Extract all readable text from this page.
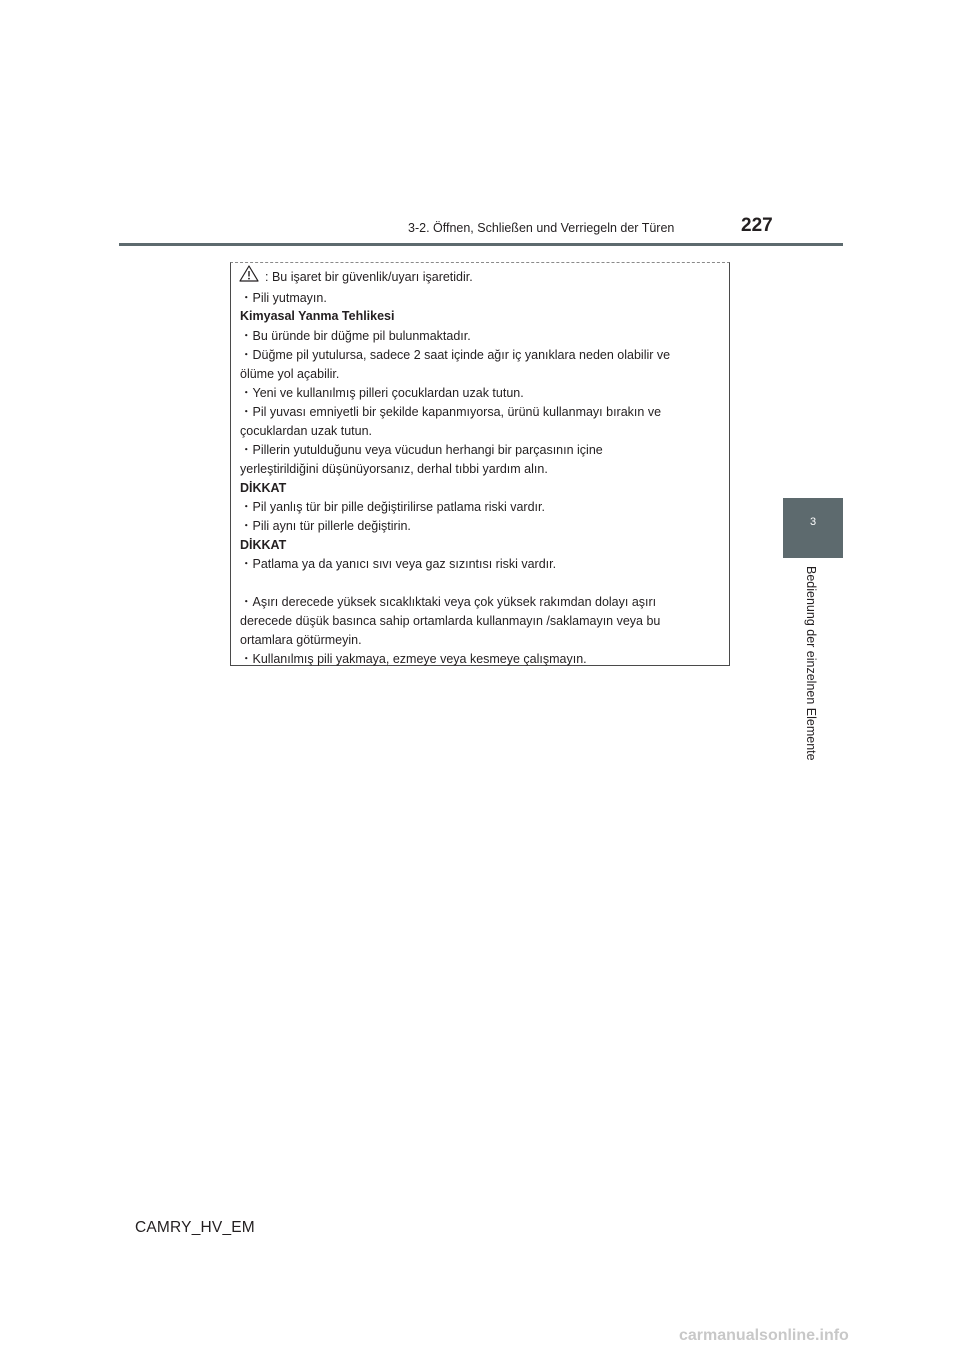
3-2. Öffnen, Schließen und Verriegeln der Türen	227
3
Bedienung der einzelnen Elemente
: Bu işaret bir güvenlik/uyarı işaretidir.
・Pili yutmayın.
Kimyasal Yanma Tehlikesi
・Bu üründe bir düğme pil bulunmaktadır.
・Düğme pil yutulursa, sadece 2 saat içinde ağır iç yanıklara neden olabilir ve
ölüme yol açabilir.
・Yeni ve kullanılmış pilleri çocuklardan uzak tutun.
・Pil yuvası emniyetli bir şekilde kapanmıyorsa, ürünü kullanmayı bırakın ve
çocuklardan uzak tutun.
・Pillerin yutulduğunu veya vücudun herhangi bir parçasının içine
yerleştirildiğini düşünüyorsanız, derhal tıbbi yardım alın.
DİKKAT
・Pil yanlış tür bir pille değiştirilirse patlama riski vardır.
・Pili aynı tür pillerle değiştirin.
DİKKAT
・Patlama ya da yanıcı sıvı veya gaz sızıntısı riski vardır.
・Aşırı derecede yüksek sıcaklıktaki veya çok yüksek rakımdan dolayı aşırı
derecede düşük basınca sahip ortamlarda kullanmayın /saklamayın veya bu
ortamlara götürmeyin.
・Kullanılmış pili yakmaya, ezmeye veya kesmeye çalışmayın.
CAMRY_HV_EM
carmanualsonline.info
